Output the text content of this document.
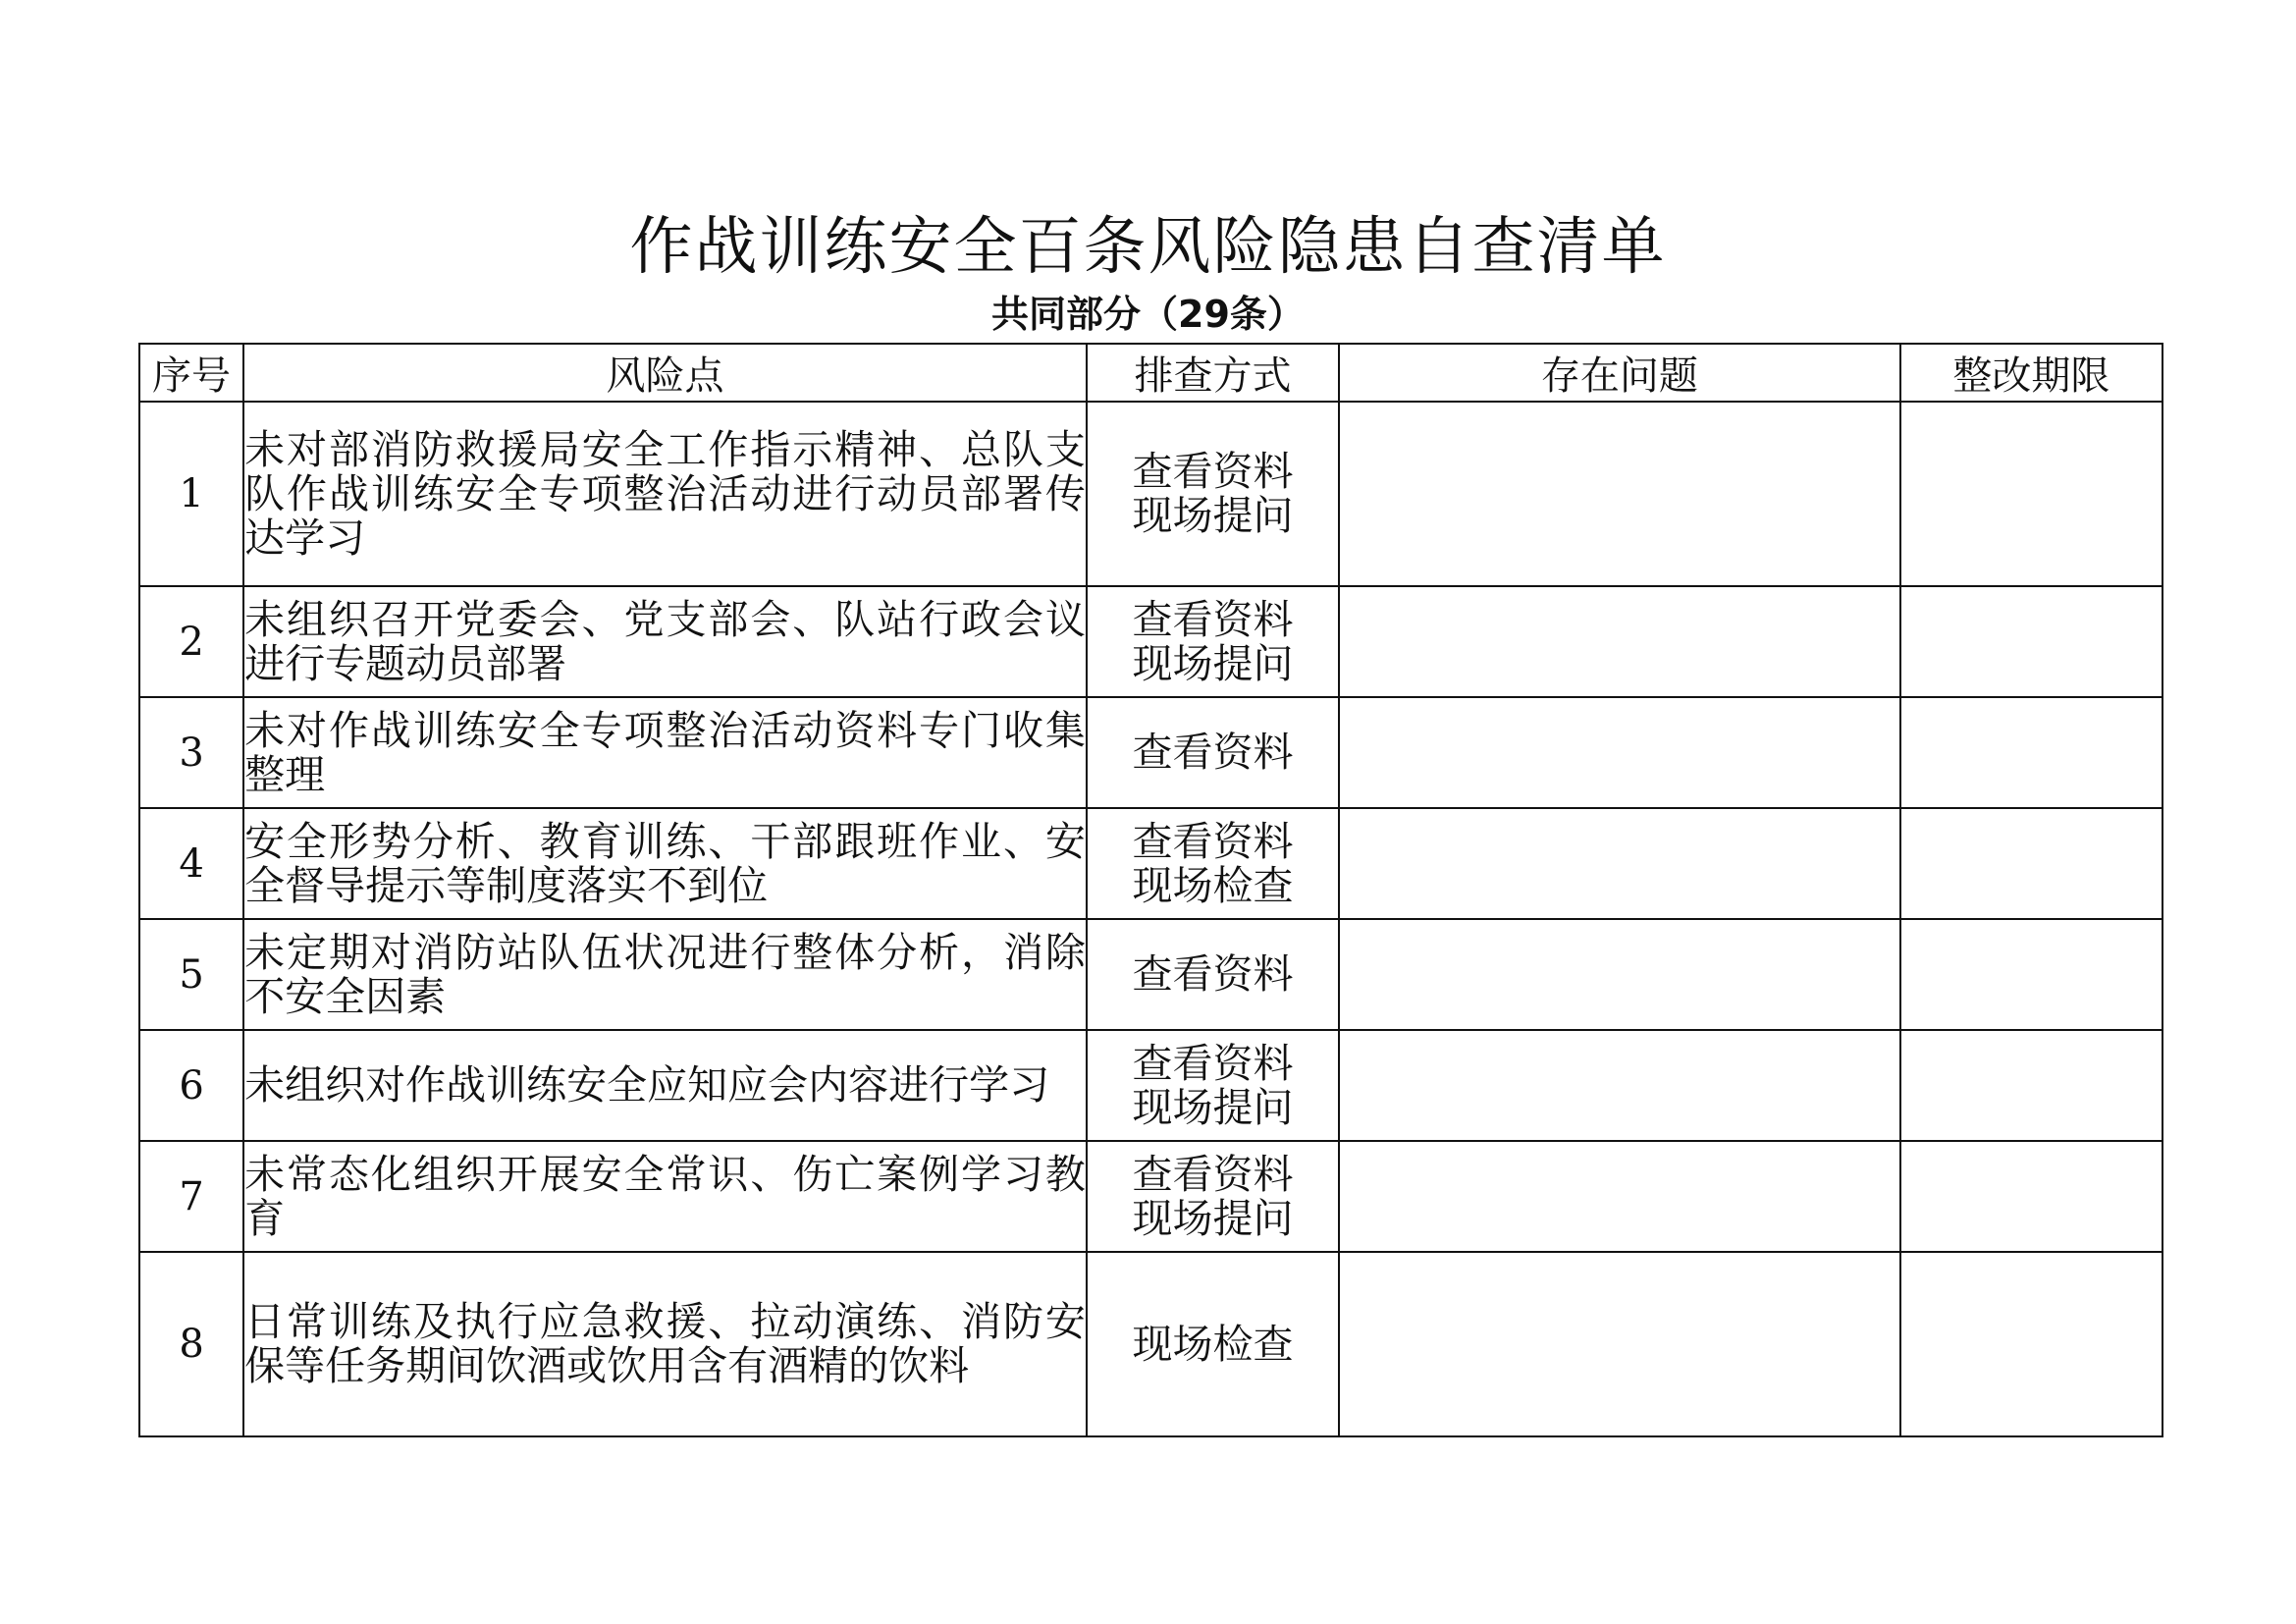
作战训练安全百条风险隐患自查清单
共同部分（29条）
序号	风险点	排查方式	存在问题	整改期限
1	未对部消防救援局安全工作指示精神、总队支队作战训练安全专项整治活动进行动员部署传达学习	查看资料
现场提问		
2	未组织召开党委会、党支部会、队站行政会议进行专题动员部署	查看资料
现场提问		
3	未对作战训练安全专项整治活动资料专门收集整理	查看资料		
4	安全形势分析、教育训练、干部跟班作业、安全督导提示等制度落实不到位	查看资料
现场检查		
5	未定期对消防站队伍状况进行整体分析，消除不安全因素	查看资料		
6	未组织对作战训练安全应知应会内容进行学习	查看资料
现场提问		
7	未常态化组织开展安全常识、伤亡案例学习教育	查看资料
现场提问		
8	日常训练及执行应急救援、拉动演练、消防安保等任务期间饮酒或饮用含有酒精的饮料	现场检查		
